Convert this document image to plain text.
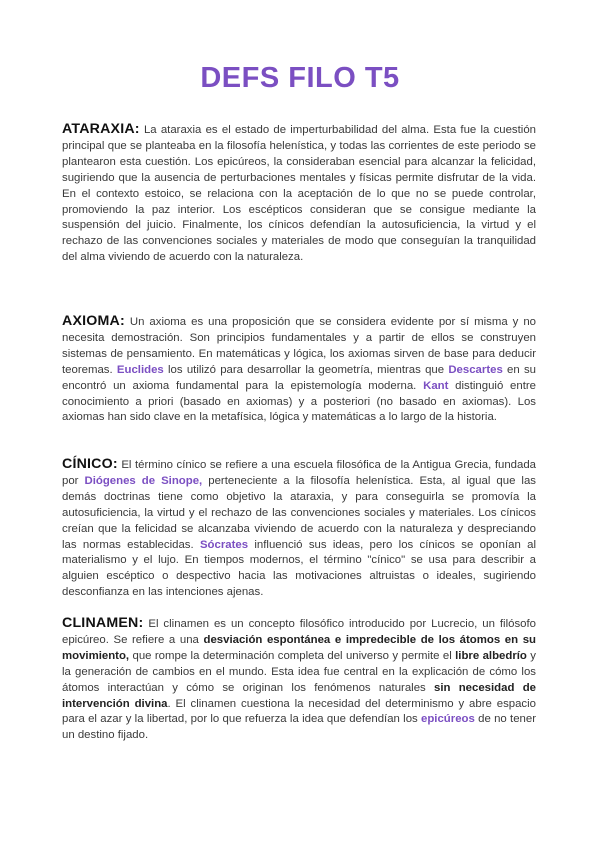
DEFS FILO T5

ATARAXIA: La ataraxia es el estado de imperturbabilidad del alma. Esta fue la cuestión principal que se planteaba en la filosofía helenística, y todas las corrientes de este periodo se plantearon esta cuestión. Los epicúreos, la consideraban esencial para alcanzar la felicidad, sugiriendo que la ausencia de perturbaciones mentales y físicas permite disfrutar de la vida. En el contexto estoico, se relaciona con la aceptación de lo que no se puede controlar, promoviendo la paz interior. Los escépticos consideran que se consigue mediante la suspensión del juicio. Finalmente, los cínicos defendían la autosuficiencia, la virtud y el rechazo de las convenciones sociales y materiales de modo que conseguían la tranquilidad del alma viviendo de acuerdo con la naturaleza.

AXIOMA: Un axioma es una proposición que se considera evidente por sí misma y no necesita demostración. Son principios fundamentales y a partir de ellos se construyen sistemas de pensamiento. En matemáticas y lógica, los axiomas sirven de base para deducir teoremas. Euclides los utilizó para desarrollar la geometría, mientras que Descartes en su encontró un axioma fundamental para la epistemología moderna. Kant distinguió entre conocimiento a priori (basado en axiomas) y a posteriori (no basado en axiomas). Los axiomas han sido clave en la metafísica, lógica y matemáticas a lo largo de la historia.

CÍNICO: El término cínico se refiere a una escuela filosófica de la Antigua Grecia, fundada por Diógenes de Sinope, perteneciente a la filosofía helenística. Esta, al igual que las demás doctrinas tiene como objetivo la ataraxia, y para conseguirla se promovía la autosuficiencia, la virtud y el rechazo de las convenciones sociales y materiales. Los cínicos creían que la felicidad se alcanzaba viviendo de acuerdo con la naturaleza y despreciando las normas establecidas. Sócrates influenció sus ideas, pero los cínicos se oponían al materialismo y el lujo. En tiempos modernos, el término "cínico" se usa para describir a alguien escéptico o despectivo hacia las motivaciones altruistas o ideales, sugiriendo desconfianza en las intenciones ajenas.

CLINAMEN: El clinamen es un concepto filosófico introducido por Lucrecio, un filósofo epicúreo. Se refiere a una desviación espontánea e impredecible de los átomos en su movimiento, que rompe la determinación completa del universo y permite el libre albedrío y la generación de cambios en el mundo. Esta idea fue central en la explicación de cómo los átomos interactúan y cómo se originan los fenómenos naturales sin necesidad de intervención divina. El clinamen cuestiona la necesidad del determinismo y abre espacio para el azar y la libertad, por lo que refuerza la idea que defendían los epicúreos de no tener un destino fijado.
